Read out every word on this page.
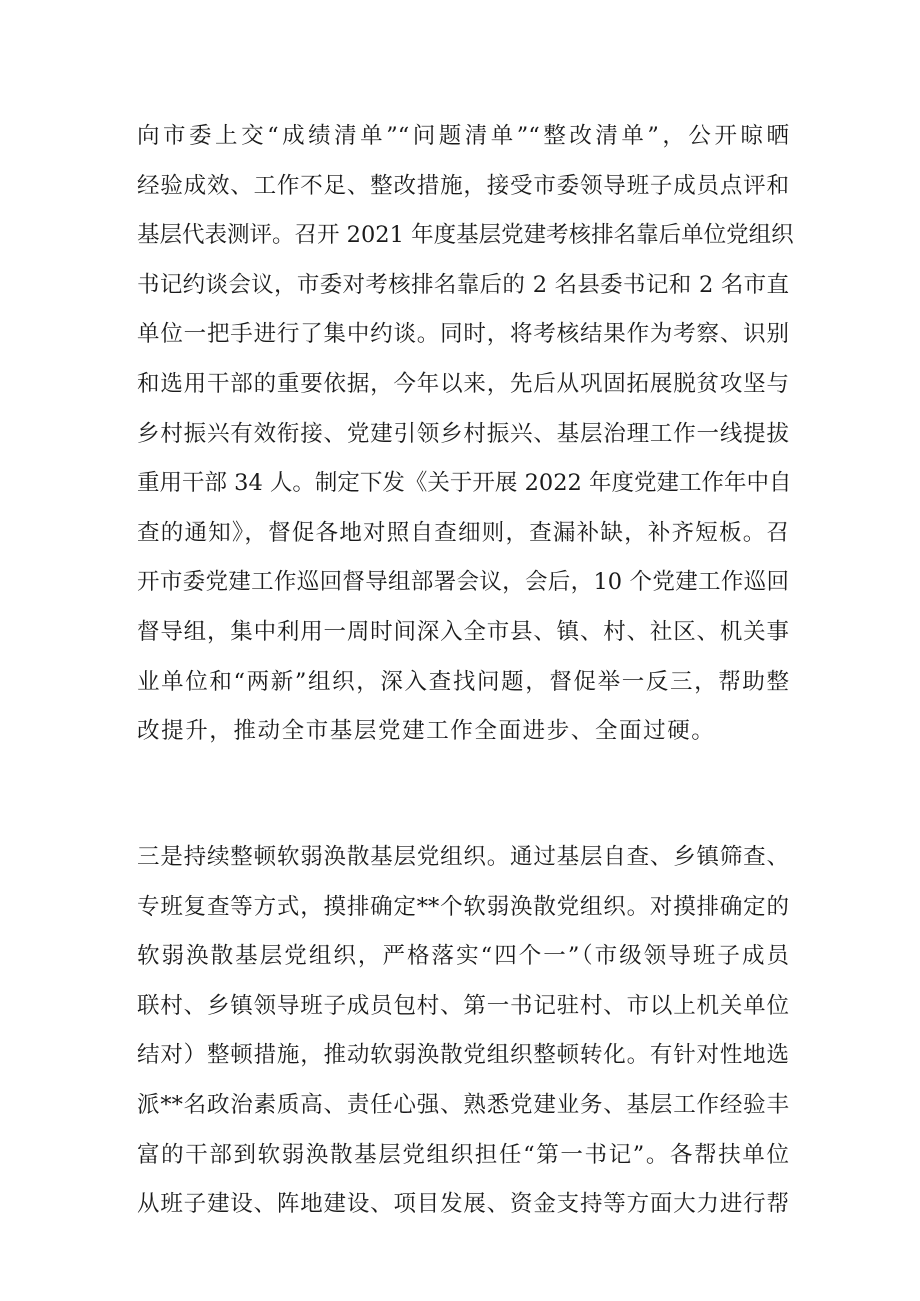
向市委上交“成绩清单”“问题清单”“整改清单”，公开晾晒
经验成效、工作不足、整改措施，接受市委领导班子成员点评和
基层代表测评。召开 2021 年度基层党建考核排名靠后单位党组织
书记约谈会议，市委对考核排名靠后的 2 名县委书记和 2 名市直
单位一把手进行了集中约谈。同时，将考核结果作为考察、识别
和选用干部的重要依据，今年以来，先后从巩固拓展脱贫攻坚与
乡村振兴有效衔接、党建引领乡村振兴、基层治理工作一线提拔
重用干部 34 人。制定下发《关于开展 2022 年度党建工作年中自
查的通知》，督促各地对照自查细则，查漏补缺，补齐短板。召
开市委党建工作巡回督导组部署会议，会后，10 个党建工作巡回
督导组，集中利用一周时间深入全市县、镇、村、社区、机关事
业单位和“两新”组织，深入查找问题，督促举一反三，帮助整
改提升，推动全市基层党建工作全面进步、全面过硬。
三是持续整顿软弱涣散基层党组织。通过基层自查、乡镇筛查、
专班复查等方式，摸排确定**个软弱涣散党组织。对摸排确定的
软弱涣散基层党组织，严格落实“四个一”（市级领导班子成员
联村、乡镇领导班子成员包村、第一书记驻村、市以上机关单位
结对）整顿措施，推动软弱涣散党组织整顿转化。有针对性地选
派**名政治素质高、责任心强、熟悉党建业务、基层工作经验丰
富的干部到软弱涣散基层党组织担任“第一书记”。各帮扶单位
从班子建设、阵地建设、项目发展、资金支持等方面大力进行帮
